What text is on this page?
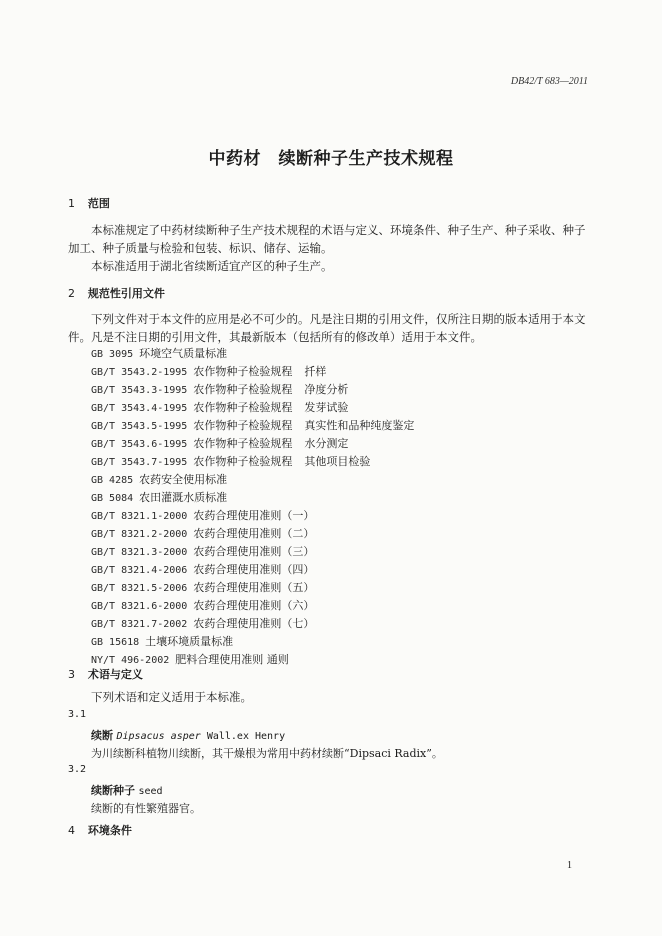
DB42/T 683—2011
中药材　续断种子生产技术规程
1 范围
本标准规定了中药材续断种子生产技术规程的术语与定义、环境条件、种子生产、种子采收、种子加工、种子质量与检验和包装、标识、储存、运输。
本标准适用于湖北省续断适宜产区的种子生产。
2 规范性引用文件
下列文件对于本文件的应用是必不可少的。凡是注日期的引用文件，仅所注日期的版本适用于本文件。凡是不注日期的引用文件，其最新版本（包括所有的修改单）适用于本文件。
GB 3095 环境空气质量标准
GB/T 3543.2-1995 农作物种子检验规程 扦样
GB/T 3543.3-1995 农作物种子检验规程 净度分析
GB/T 3543.4-1995 农作物种子检验规程 发芽试验
GB/T 3543.5-1995 农作物种子检验规程 真实性和品种纯度鉴定
GB/T 3543.6-1995 农作物种子检验规程 水分测定
GB/T 3543.7-1995 农作物种子检验规程 其他项目检验
GB 4285 农药安全使用标准
GB 5084 农田灌溉水质标准
GB/T 8321.1-2000 农药合理使用准则（一）
GB/T 8321.2-2000 农药合理使用准则（二）
GB/T 8321.3-2000 农药合理使用准则（三）
GB/T 8321.4-2006 农药合理使用准则（四）
GB/T 8321.5-2006 农药合理使用准则（五）
GB/T 8321.6-2000 农药合理使用准则（六）
GB/T 8321.7-2002 农药合理使用准则（七）
GB 15618 土壤环境质量标准
NY/T 496-2002 肥料合理使用准则 通则
3 术语与定义
下列术语和定义适用于本标准。
3.1
续断 Dipsacus asper Wall.ex Henry
为川续断科植物川续断，其干燥根为常用中药材续断“Dipsaci Radix”。
3.2
续断种子 seed
续断的有性繁殖器官。
4 环境条件
1
